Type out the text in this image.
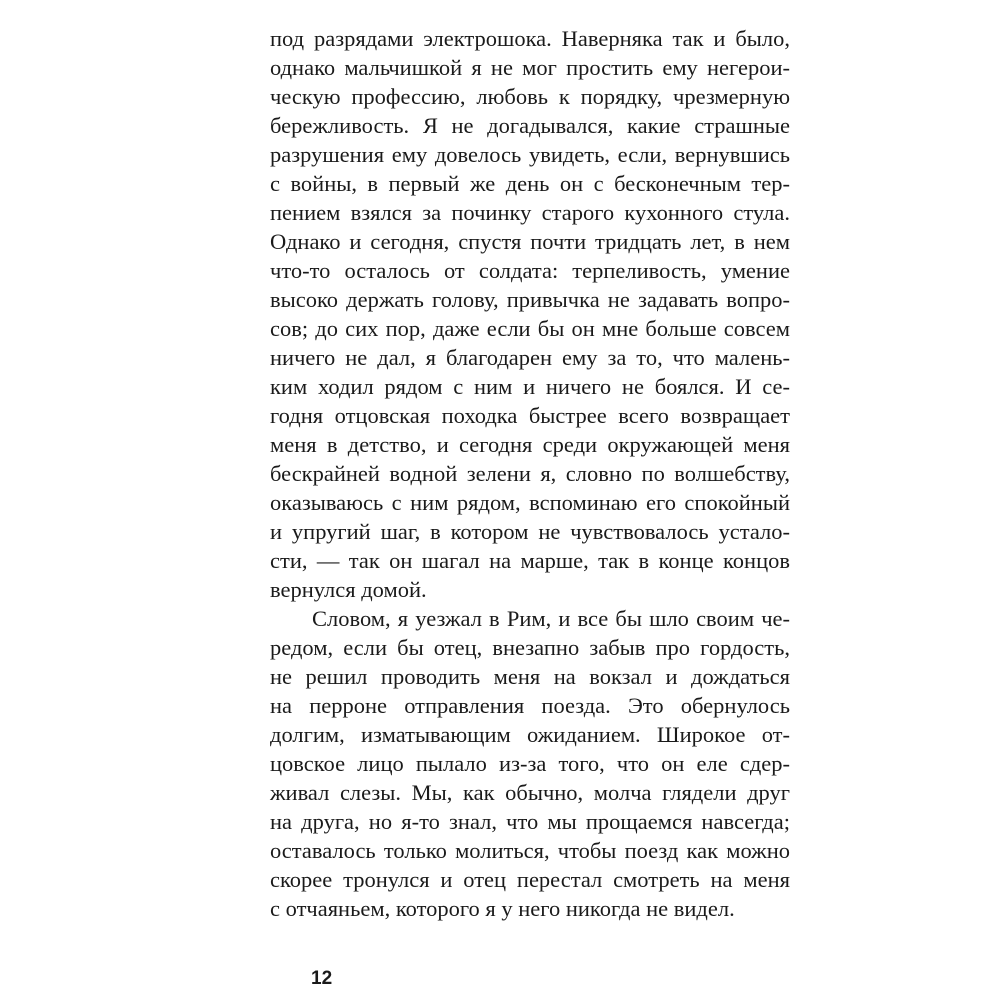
под разрядами электрошока. Наверняка так и было,
однако мальчишкой я не мог простить ему негерои-
ческую профессию, любовь к порядку, чрезмерную
бережливость. Я не догадывался, какие страшные
разрушения ему довелось увидеть, если, вернувшись
с войны, в первый же день он с бесконечным тер-
пением взялся за починку старого кухонного стула.
Однако и сегодня, спустя почти тридцать лет, в нем
что-то осталось от солдата: терпеливость, умение
высоко держать голову, привычка не задавать вопро-
сов; до сих пор, даже если бы он мне больше совсем
ничего не дал, я благодарен ему за то, что малень-
ким ходил рядом с ним и ничего не боялся. И се-
годня отцовская походка быстрее всего возвращает
меня в детство, и сегодня среди окружающей меня
бескрайней водной зелени я, словно по волшебству,
оказываюсь с ним рядом, вспоминаю его спокойный
и упругий шаг, в котором не чувствовалось устало-
сти, — так он шагал на марше, так в конце концов
вернулся домой.
Словом, я уезжал в Рим, и все бы шло своим че-
редом, если бы отец, внезапно забыв про гордость,
не решил проводить меня на вокзал и дождаться
на перроне отправления поезда. Это обернулось
долгим, изматывающим ожиданием. Широкое от-
цовское лицо пылало из-за того, что он еле сдер-
живал слезы. Мы, как обычно, молча глядели друг
на друга, но я-то знал, что мы прощаемся навсегда;
оставалось только молиться, чтобы поезд как можно
скорее тронулся и отец перестал смотреть на меня
с отчаяньем, которого я у него никогда не видел.
12
